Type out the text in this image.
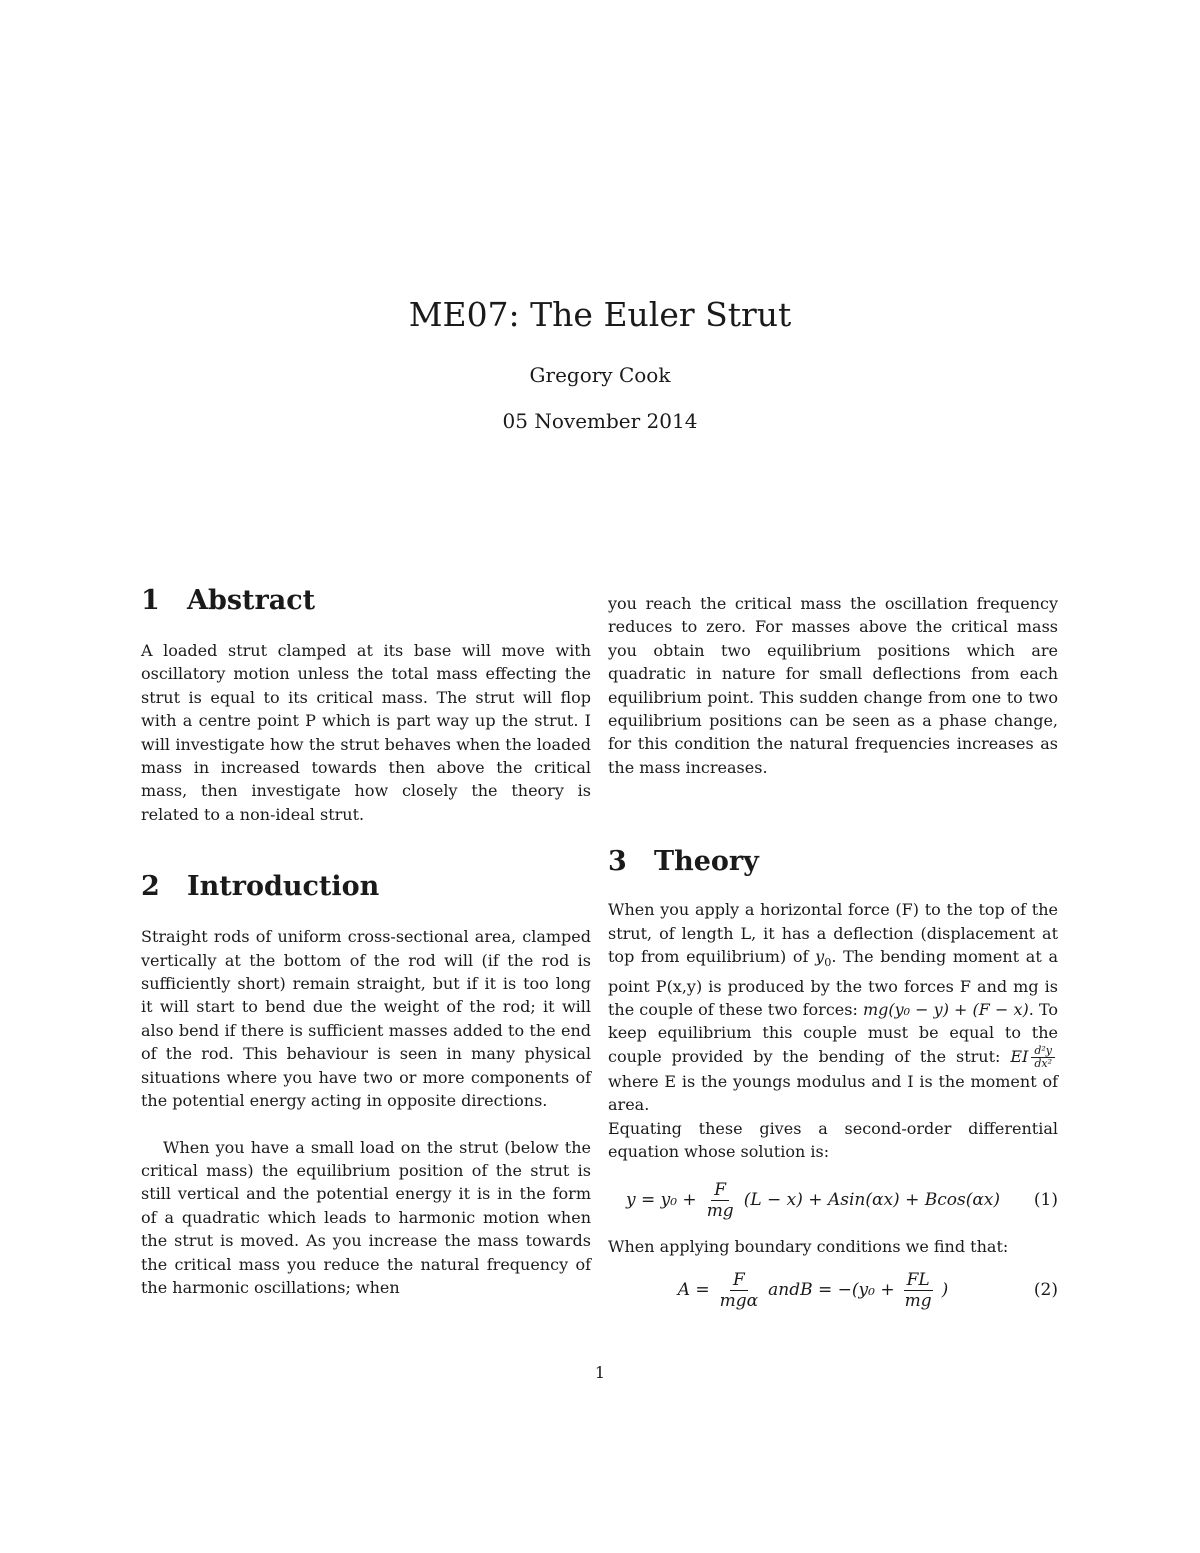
ME07: The Euler Strut
Gregory Cook
05 November 2014
1 Abstract

A loaded strut clamped at its base will move with oscillatory motion unless the total mass effecting the strut is equal to its critical mass. The strut will flop with a centre point P which is part way up the strut. I will investigate how the strut behaves when the loaded mass in increased towards then above the critical mass, then investigate how closely the theory is related to a non-ideal strut.

2 Introduction

Straight rods of uniform cross-sectional area, clamped vertically at the bottom of the rod will (if the rod is sufficiently short) remain straight, but if it is too long it will start to bend due the weight of the rod; it will also bend if there is sufficient masses added to the end of the rod. This behaviour is seen in many physical situations where you have two or more components of the potential energy acting in opposite directions.

When you have a small load on the strut (below the critical mass) the equilibrium position of the strut is still vertical and the potential energy it is in the form of a quadratic which leads to harmonic motion when the strut is moved. As you increase the mass towards the critical mass you reduce the natural frequency of the harmonic oscillations; when

you reach the critical mass the oscillation frequency reduces to zero. For masses above the critical mass you obtain two equilibrium positions which are quadratic in nature for small deflections from each equilibrium point. This sudden change from one to two equilibrium positions can be seen as a phase change, for this condition the natural frequencies increases as the mass increases.

3 Theory

When you apply a horizontal force (F) to the top of the strut, of length L, it has a deflection (displacement at top from equilibrium) of $y_0$. The bending moment at a point P(x,y) is produced by the two forces F and mg is the couple of these two forces: mg(y₀ − y) + (F − x). To keep equilibrium this couple must be equal to the couple provided by the bending of the strut: EI $\frac{\text{d²y}}{\text{dx²}}$
where E is the youngs modulus and I is the moment of area.

Equating these gives a second-order differential equation whose solution is:

$y = y_0 + \frac{F}{mg} (L - x) + Asin(\alpha x) + Bcos(\alpha x)$	(1)

When applying boundary conditions we find that:

$A = \frac{F}{\text{mgα}}$ andB = $-(y_0 + \frac{FL}{mg}$ )	(2)
1
